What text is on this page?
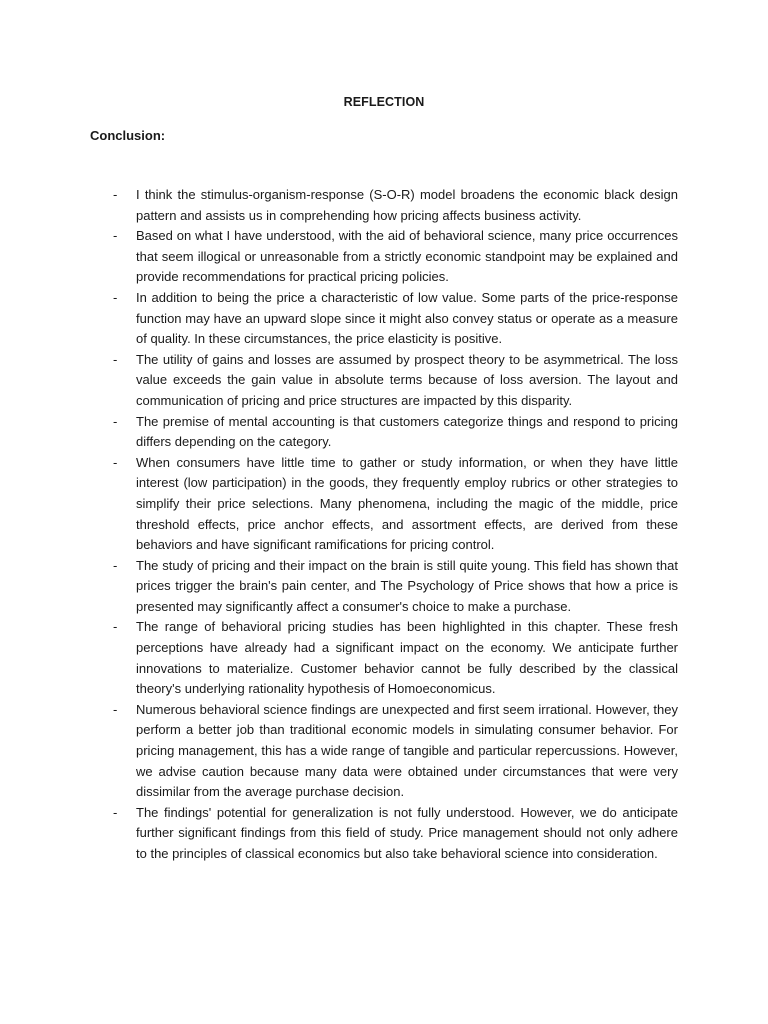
REFLECTION
Conclusion:
- I think the stimulus-organism-response (S-O-R) model broadens the economic black design pattern and assists us in comprehending how pricing affects business activity.
- Based on what I have understood, with the aid of behavioral science, many price occurrences that seem illogical or unreasonable from a strictly economic standpoint may be explained and provide recommendations for practical pricing policies.
- In addition to being the price a characteristic of low value. Some parts of the price-response function may have an upward slope since it might also convey status or operate as a measure of quality. In these circumstances, the price elasticity is positive.
- The utility of gains and losses are assumed by prospect theory to be asymmetrical. The loss value exceeds the gain value in absolute terms because of loss aversion. The layout and communication of pricing and price structures are impacted by this disparity.
- The premise of mental accounting is that customers categorize things and respond to pricing differs depending on the category.
- When consumers have little time to gather or study information, or when they have little interest (low participation) in the goods, they frequently employ rubrics or other strategies to simplify their price selections. Many phenomena, including the magic of the middle, price threshold effects, price anchor effects, and assortment effects, are derived from these behaviors and have significant ramifications for pricing control.
- The study of pricing and their impact on the brain is still quite young. This field has shown that prices trigger the brain's pain center, and The Psychology of Price shows that how a price is presented may significantly affect a consumer's choice to make a purchase.
- The range of behavioral pricing studies has been highlighted in this chapter. These fresh perceptions have already had a significant impact on the economy. We anticipate further innovations to materialize. Customer behavior cannot be fully described by the classical theory's underlying rationality hypothesis of Homoeconomicus.
- Numerous behavioral science findings are unexpected and first seem irrational. However, they perform a better job than traditional economic models in simulating consumer behavior. For pricing management, this has a wide range of tangible and particular repercussions. However, we advise caution because many data were obtained under circumstances that were very dissimilar from the average purchase decision.
- The findings' potential for generalization is not fully understood. However, we do anticipate further significant findings from this field of study. Price management should not only adhere to the principles of classical economics but also take behavioral science into consideration.
